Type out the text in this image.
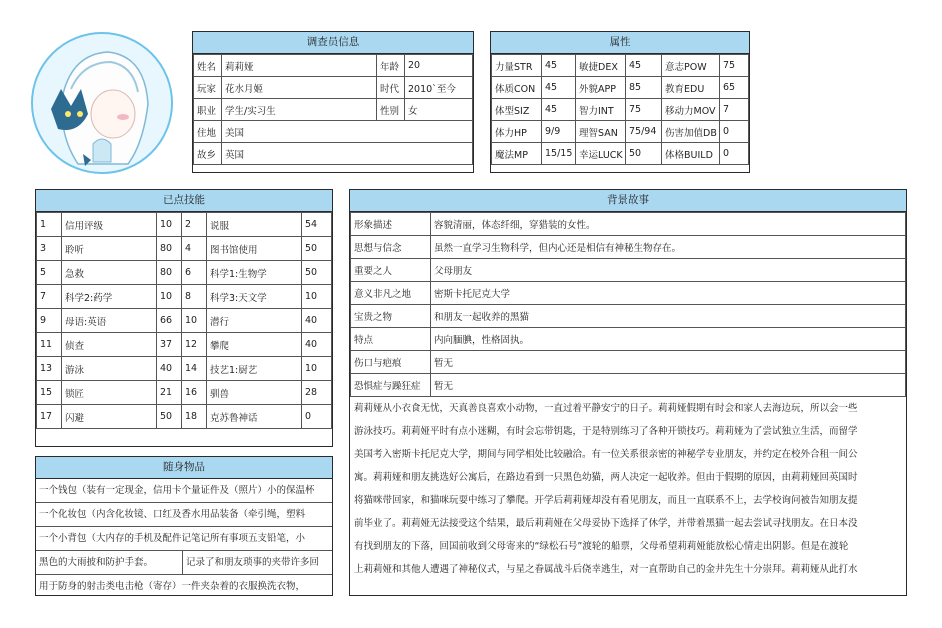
调查员信息
姓名	莉莉娅	年龄	20
玩家	花水月姬	时代	2010`至今
职业	学生/实习生	性别	女
住地	美国		
故乡	英国		
属性
力量STR	45	敏捷DEX	45	意志POW	75
体质CON	45	外貌APP	85	教育EDU	65
体型SIZ	45	智力INT	75	移动力MOV	7
体力HP	9/9	理智SAN	75/94	伤害加值DB	0
魔法MP	15/15	幸运LUCK	50	体格BUILD	0
已点技能
1	信用评级	10	2	说服	54
3	聆听	80	4	图书馆使用	50
5	急救	80	6	科学1:生物学	50
7	科学2:药学	10	8	科学3:天文学	10
9	母语:英语	66	10	潜行	40
11	侦查	37	12	攀爬	40
13	游泳	40	14	技艺1:厨艺	10
15	锁匠	21	16	驯兽	28
17	闪避	50	18	克苏鲁神话	0
随身物品
一个钱包（装有一定现金，信用卡个量证件及（照片）小的保温杯
一个化妆包（内含化妆镜、口红及香水用品装备（牵引绳，塑料
一个小背包（大内存的手机及配件记笔记所有事项五支铅笔，小
黑色的大雨披和防护手套。	记录了和朋友琐事的夹带许多回
用于防身的射击类电击枪（寄存）一件夹杂着的衣服换洗衣物，
背景故事
形象描述	容貌清丽，体态纤细，穿猎装的女性。
思想与信念	虽然一直学习生物科学，但内心还是相信有神秘生物存在。
重要之人	父母朋友
意义非凡之地	密斯卡托尼克大学
宝贵之物	和朋友一起收养的黑猫
特点	内向腼腆，性格固执。
伤口与疤痕	暂无
恐惧症与躁狂症	暂无
莉莉娅从小衣食无忧，天真善良喜欢小动物，一直过着平静安宁的日子。莉莉娅假期有时会和家人去海边玩，所以会一些
游泳技巧。莉莉娅平时有点小迷糊，有时会忘带钥匙，于是特别练习了各种开锁技巧。莉莉娅为了尝试独立生活，而留学
美国考入密斯卡托尼克大学，期间与同学相处比较融洽。有一位关系很亲密的神秘学专业朋友，并约定在校外合租一间公
寓。莉莉娅和朋友挑选好公寓后，在路边看到一只黑色幼猫，两人决定一起收养。但由于假期的原因，由莉莉娅回英国时
将猫咪带回家，和猫咪玩耍中练习了攀爬。开学后莉莉娅却没有看见朋友，而且一直联系不上，去学校询问被告知朋友提
前毕业了。莉莉娅无法接受这个结果，最后莉莉娅在父母妥协下选择了休学，并带着黑猫一起去尝试寻找朋友。在日本没
有找到朋友的下落，回国前收到父母寄来的“绿松石号”渡轮的船票，父母希望莉莉娅能放松心情走出阴影。但是在渡轮
上莉莉娅和其他人遭遇了神秘仪式，与星之眷属战斗后侥幸逃生，对一直帮助自己的金井先生十分崇拜。莉莉娅从此打水
